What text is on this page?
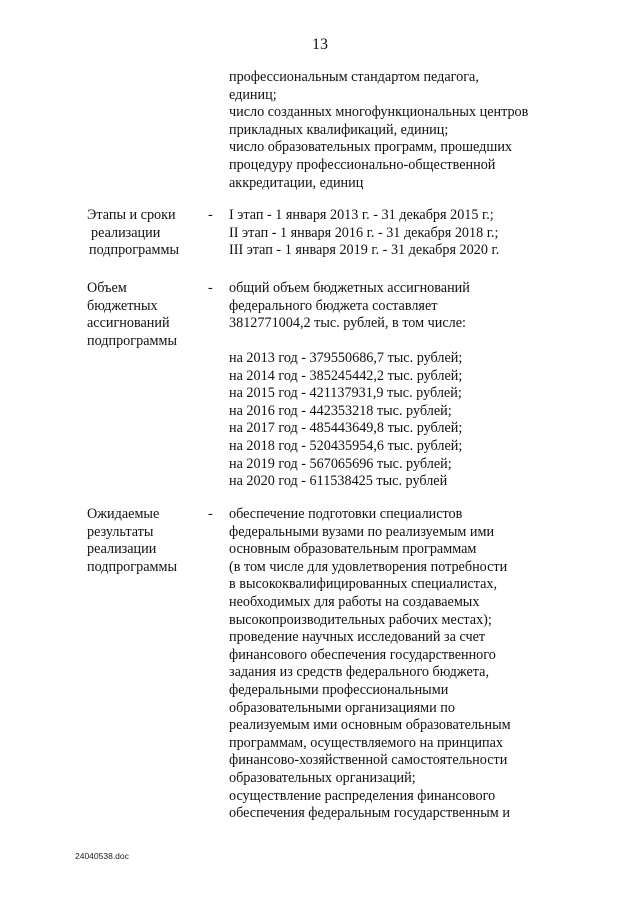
13
профессиональным стандартом педагога,
единиц;
число созданных многофункциональных центров
прикладных квалификаций, единиц;
число образовательных программ, прошедших
процедуру профессионально-общественной
аккредитации, единиц
Этапы и сроки
реализации
подпрограммы
- I этап - 1 января 2013 г. - 31 декабря 2015 г.;
II этап - 1 января 2016 г. - 31 декабря 2018 г.;
III этап - 1 января 2019 г. - 31 декабря 2020 г.
Объем
бюджетных
ассигнований
подпрограммы
- общий объем бюджетных ассигнований
федерального бюджета составляет
3812771004,2 тыс. рублей, в том числе:
на 2013 год - 379550686,7 тыс. рублей;
на 2014 год - 385245442,2 тыс. рублей;
на 2015 год - 421137931,9 тыс. рублей;
на 2016 год - 442353218 тыс. рублей;
на 2017 год - 485443649,8 тыс. рублей;
на 2018 год - 520435954,6 тыс. рублей;
на 2019 год - 567065696 тыс. рублей;
на 2020 год - 611538425 тыс. рублей
Ожидаемые
результаты
реализации
подпрограммы
- обеспечение подготовки специалистов
федеральными вузами по реализуемым ими
основным образовательным программам
(в том числе для удовлетворения потребности
в высококвалифицированных специалистах,
необходимых для работы на создаваемых
высокопроизводительных рабочих местах);
проведение научных исследований за счет
финансового обеспечения государственного
задания из средств федерального бюджета,
федеральными профессиональными
образовательными организациями по
реализуемым ими основным образовательным
программам, осуществляемого на принципах
финансово-хозяйственной самостоятельности
образовательных организаций;
осуществление распределения финансового
обеспечения федеральным государственным и
24040538.doc
